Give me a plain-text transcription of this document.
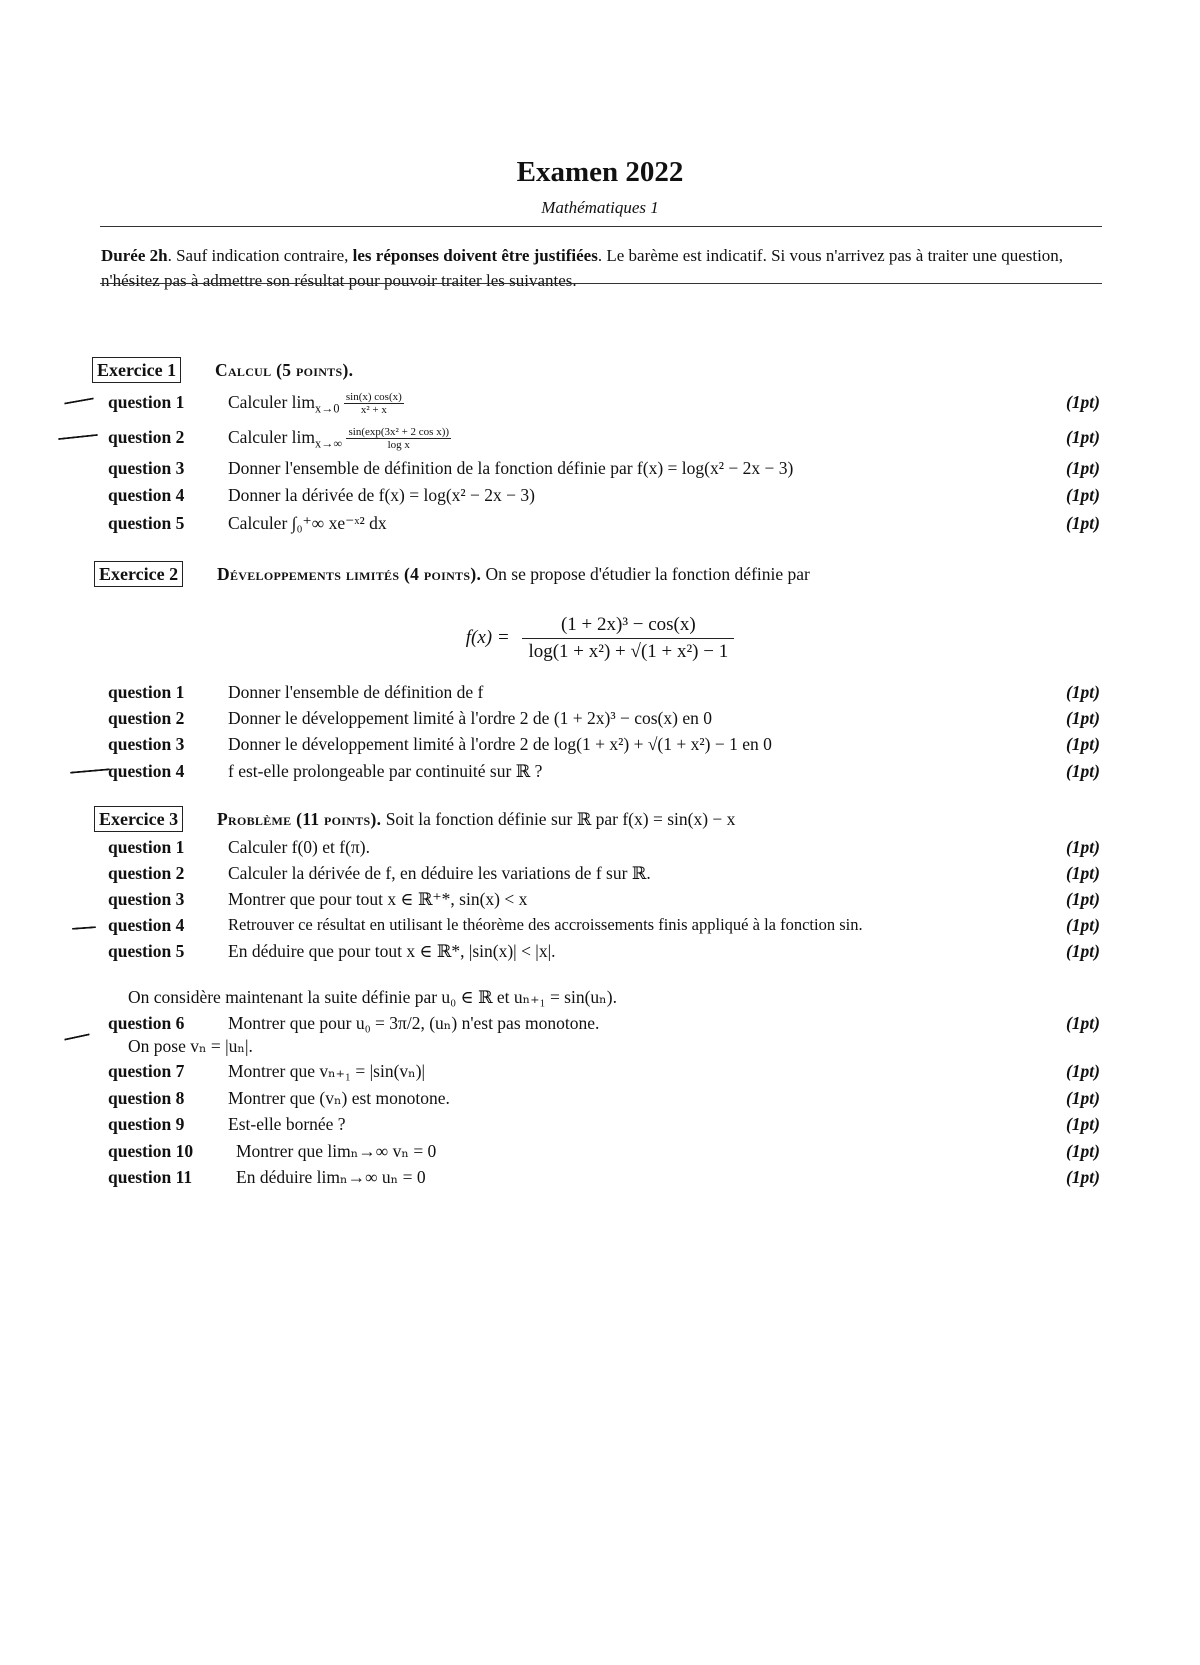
Examen 2022
Mathématiques 1
Durée 2h. Sauf indication contraire, les réponses doivent être justifiées. Le barème est indicatif. Si vous n'arrivez pas à traiter une question, n'hésitez pas à admettre son résultat pour pouvoir traiter les suivantes.
Exercice 1 Calcul (5 points).
question 1 Calculer $\lim_{x\to 0} \frac{\sin(x) \cos(x)}{\text{x² + x}}$	(1pt)
question 2 Calculer $\lim_{x\to\infty} \frac{\text{sin(exp(3x² + 2 cos x))}}{\text{log x}}$	(1pt)
question 3 Donner l'ensemble de définition de la fonction définie par f(x) = log(x² − 2x − 3)	(1pt)
question 4 Donner la dérivée de f(x) = log(x² − 2x − 3)	(1pt)
question 5 Calculer ∫₀⁺∞ xe⁻ˣ² dx	(1pt)
Exercice 2 Développements limités (4 points). On se propose d'étudier la fonction définie par
$f(x) = \frac{\text{(1 + 2x)³ − cos(x)}}{\text{log(1 + x²) + √(1 + x²) − 1}}$
question 1 Donner l'ensemble de définition de f	(1pt)
question 2 Donner le développement limité à l'ordre 2 de (1 + 2x)³ − cos(x) en 0	(1pt)
question 3 Donner le développement limité à l'ordre 2 de log(1 + x²) + √(1 + x²) − 1 en 0	(1pt)
question 4 f est-elle prolongeable par continuité sur ℝ ?	(1pt)
Exercice 3 Problème (11 points). Soit la fonction définie sur ℝ par f(x) = sin(x) − x
question 1 Calculer f(0) et f(π).	(1pt)
question 2 Calculer la dérivée de f, en déduire les variations de f sur ℝ.	(1pt)
question 3 Montrer que pour tout x ∈ ℝ⁺*, sin(x) < x	(1pt)
question 4	Retrouver ce résultat en utilisant le théorème des accroissements finis appliqué à la fonction sin.	(1pt)
question 5 En déduire que pour tout x ∈ ℝ*, |sin(x)| < |x|.	(1pt)
On considère maintenant la suite définie par u₀ ∈ ℝ et uₙ₊₁ = sin(uₙ).
question 6 Montrer que pour u₀ = 3π/2, (uₙ) n'est pas monotone.	(1pt)
On pose vₙ = |uₙ|.
question 7 Montrer que vₙ₊₁ = |sin(vₙ)|	(1pt)
question 8 Montrer que (vₙ) est monotone.	(1pt)
question 9 Est-elle bornée ?	(1pt)
question 10 Montrer que limₙ→∞ vₙ = 0	(1pt)
question 11	En déduire limₙ→∞ uₙ = 0	(1pt)
